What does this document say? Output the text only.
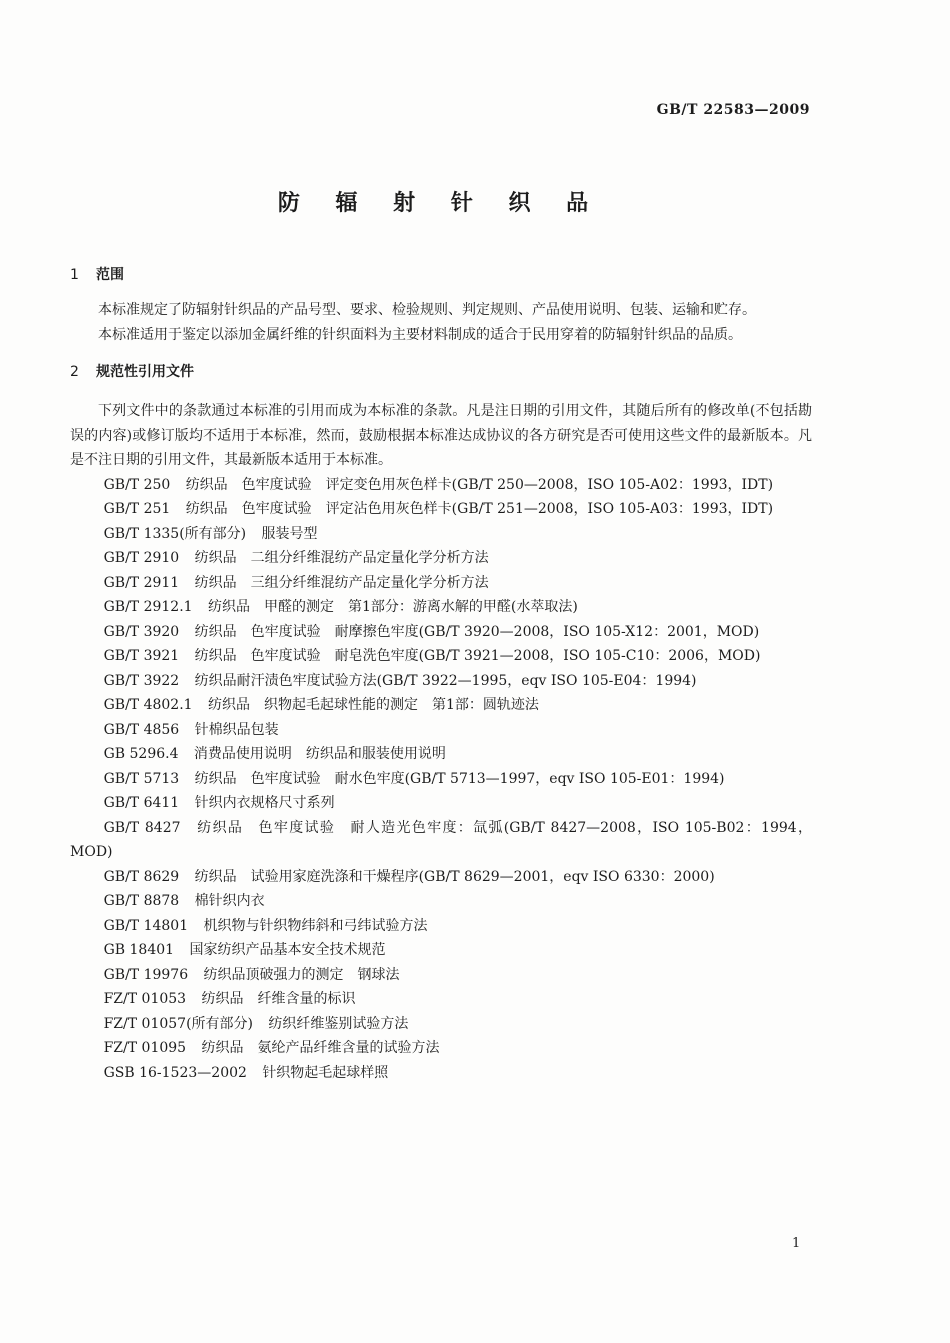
GB/T 22583—2009
防 辐 射 针 织 品
1 范围

本标准规定了防辐射针织品的产品号型、要求、检验规则、判定规则、产品使用说明、包装、运输和贮存。

本标准适用于鉴定以添加金属纤维的针织面料为主要材料制成的适合于民用穿着的防辐射针织品的品质。

2 规范性引用文件

下列文件中的条款通过本标准的引用而成为本标准的条款。凡是注日期的引用文件，其随后所有的修改单(不包括勘误的内容)或修订版均不适用于本标准，然而，鼓励根据本标准达成协议的各方研究是否可使用这些文件的最新版本。凡是不注日期的引用文件，其最新版本适用于本标准。

GB/T 250 纺织品　色牢度试验　评定变色用灰色样卡(GB/T 250—2008，ISO 105-A02：1993，IDT)

GB/T 251 纺织品　色牢度试验　评定沾色用灰色样卡(GB/T 251—2008，ISO 105-A03：1993，IDT)

GB/T 1335(所有部分) 服装号型

GB/T 2910 纺织品　二组分纤维混纺产品定量化学分析方法

GB/T 2911 纺织品　三组分纤维混纺产品定量化学分析方法

GB/T 2912.1 纺织品　甲醛的测定　第1部分：游离水解的甲醛(水萃取法)

GB/T 3920 纺织品　色牢度试验　耐摩擦色牢度(GB/T 3920—2008，ISO 105-X12：2001，MOD)

GB/T 3921 纺织品　色牢度试验　耐皂洗色牢度(GB/T 3921—2008，ISO 105-C10：2006，MOD)

GB/T 3922 纺织品耐汗渍色牢度试验方法(GB/T 3922—1995，eqv ISO 105-E04：1994)

GB/T 4802.1 纺织品　织物起毛起球性能的测定　第1部：圆轨迹法

GB/T 4856 针棉织品包装

GB 5296.4 消费品使用说明　纺织品和服装使用说明

GB/T 5713 纺织品　色牢度试验　耐水色牢度(GB/T 5713—1997，eqv ISO 105-E01：1994)

GB/T 6411 针织内衣规格尺寸系列

GB/T 8427 纺织品　色牢度试验　耐人造光色牢度：氙弧(GB/T 8427—2008，ISO 105-B02：1994，MOD)

GB/T 8629 纺织品　试验用家庭洗涤和干燥程序(GB/T 8629—2001，eqv ISO 6330：2000)

GB/T 8878 棉针织内衣

GB/T 14801 机织物与针织物纬斜和弓纬试验方法

GB 18401 国家纺织产品基本安全技术规范

GB/T 19976 纺织品顶破强力的测定　钢球法

FZ/T 01053 纺织品　纤维含量的标识

FZ/T 01057(所有部分) 纺织纤维鉴别试验方法

FZ/T 01095 纺织品　氨纶产品纤维含量的试验方法

GSB 16-1523—2002 针织物起毛起球样照

1
